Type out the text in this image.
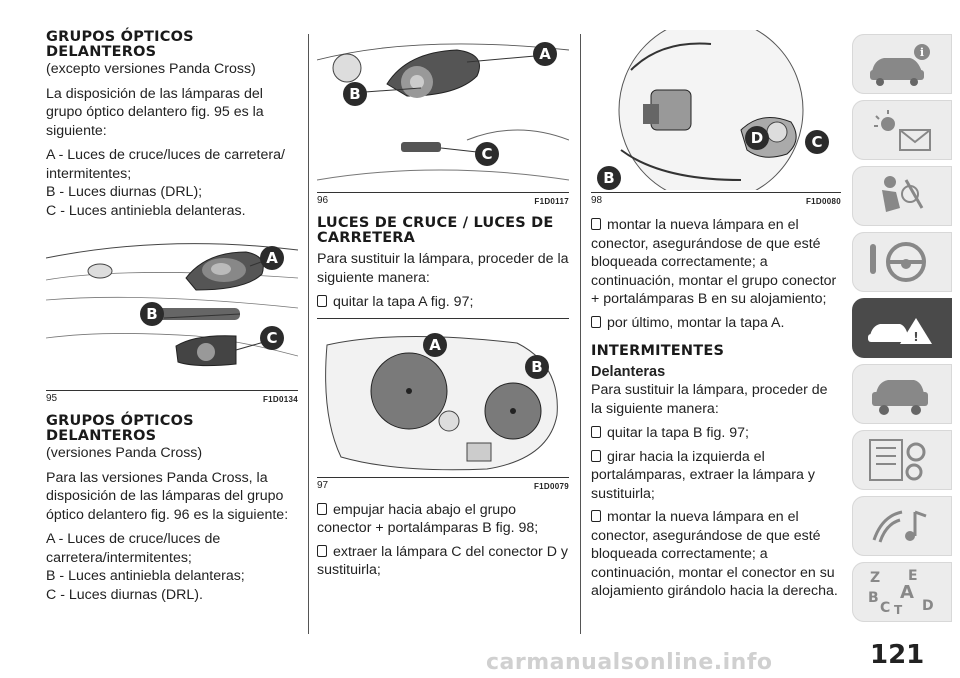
GRUPOS ÓPTICOS DELANTEROS

(excepto versiones Panda Cross)

La disposición de las lámparas del grupo óptico delantero fig. 95 es la siguiente:

A - Luces de cruce/luces de carretera/ intermitentes;

B - Luces diurnas (DRL);

C - Luces antiniebla delanteras.

A
B
C
95	F1D0134
GRUPOS ÓPTICOS DELANTEROS

(versiones Panda Cross)

Para las versiones Panda Cross, la disposición de las lámparas del grupo óptico delantero fig. 96 es la siguiente:

A - Luces de cruce/luces de carretera/intermitentes;

B - Luces antiniebla delanteras;

C - Luces diurnas (DRL).

A
B
C
96	F1D0117
LUCES DE CRUCE / LUCES DE CARRETERA

Para sustituir la lámpara, proceder de la siguiente manera:

quitar la tapa A fig. 97;

A
B
97	F1D0079

empujar hacia abajo el grupo conector + portalámparas B fig. 98;

extraer la lámpara C del conector D y sustituirla;

B
D	C
98	F1D0080

montar la nueva lámpara en el conector, asegurándose de que esté bloqueada correctamente; a continuación, montar el grupo conector + portalámparas B en su alojamiento;

por último, montar la tapa A.

INTERMITENTES
Delanteras

Para sustituir la lámpara, proceder de la siguiente manera:

quitar la tapa B fig. 97;

girar hacia la izquierda el portalámparas, extraer la lámpara y sustituirla;

montar la nueva lámpara en el conector, asegurándose de que esté bloqueada correctamente; a continuación, montar el conector en su alojamiento girándolo hacia la derecha.

i
!
Z E
B A
C T D
121
carmanualsonline.info
